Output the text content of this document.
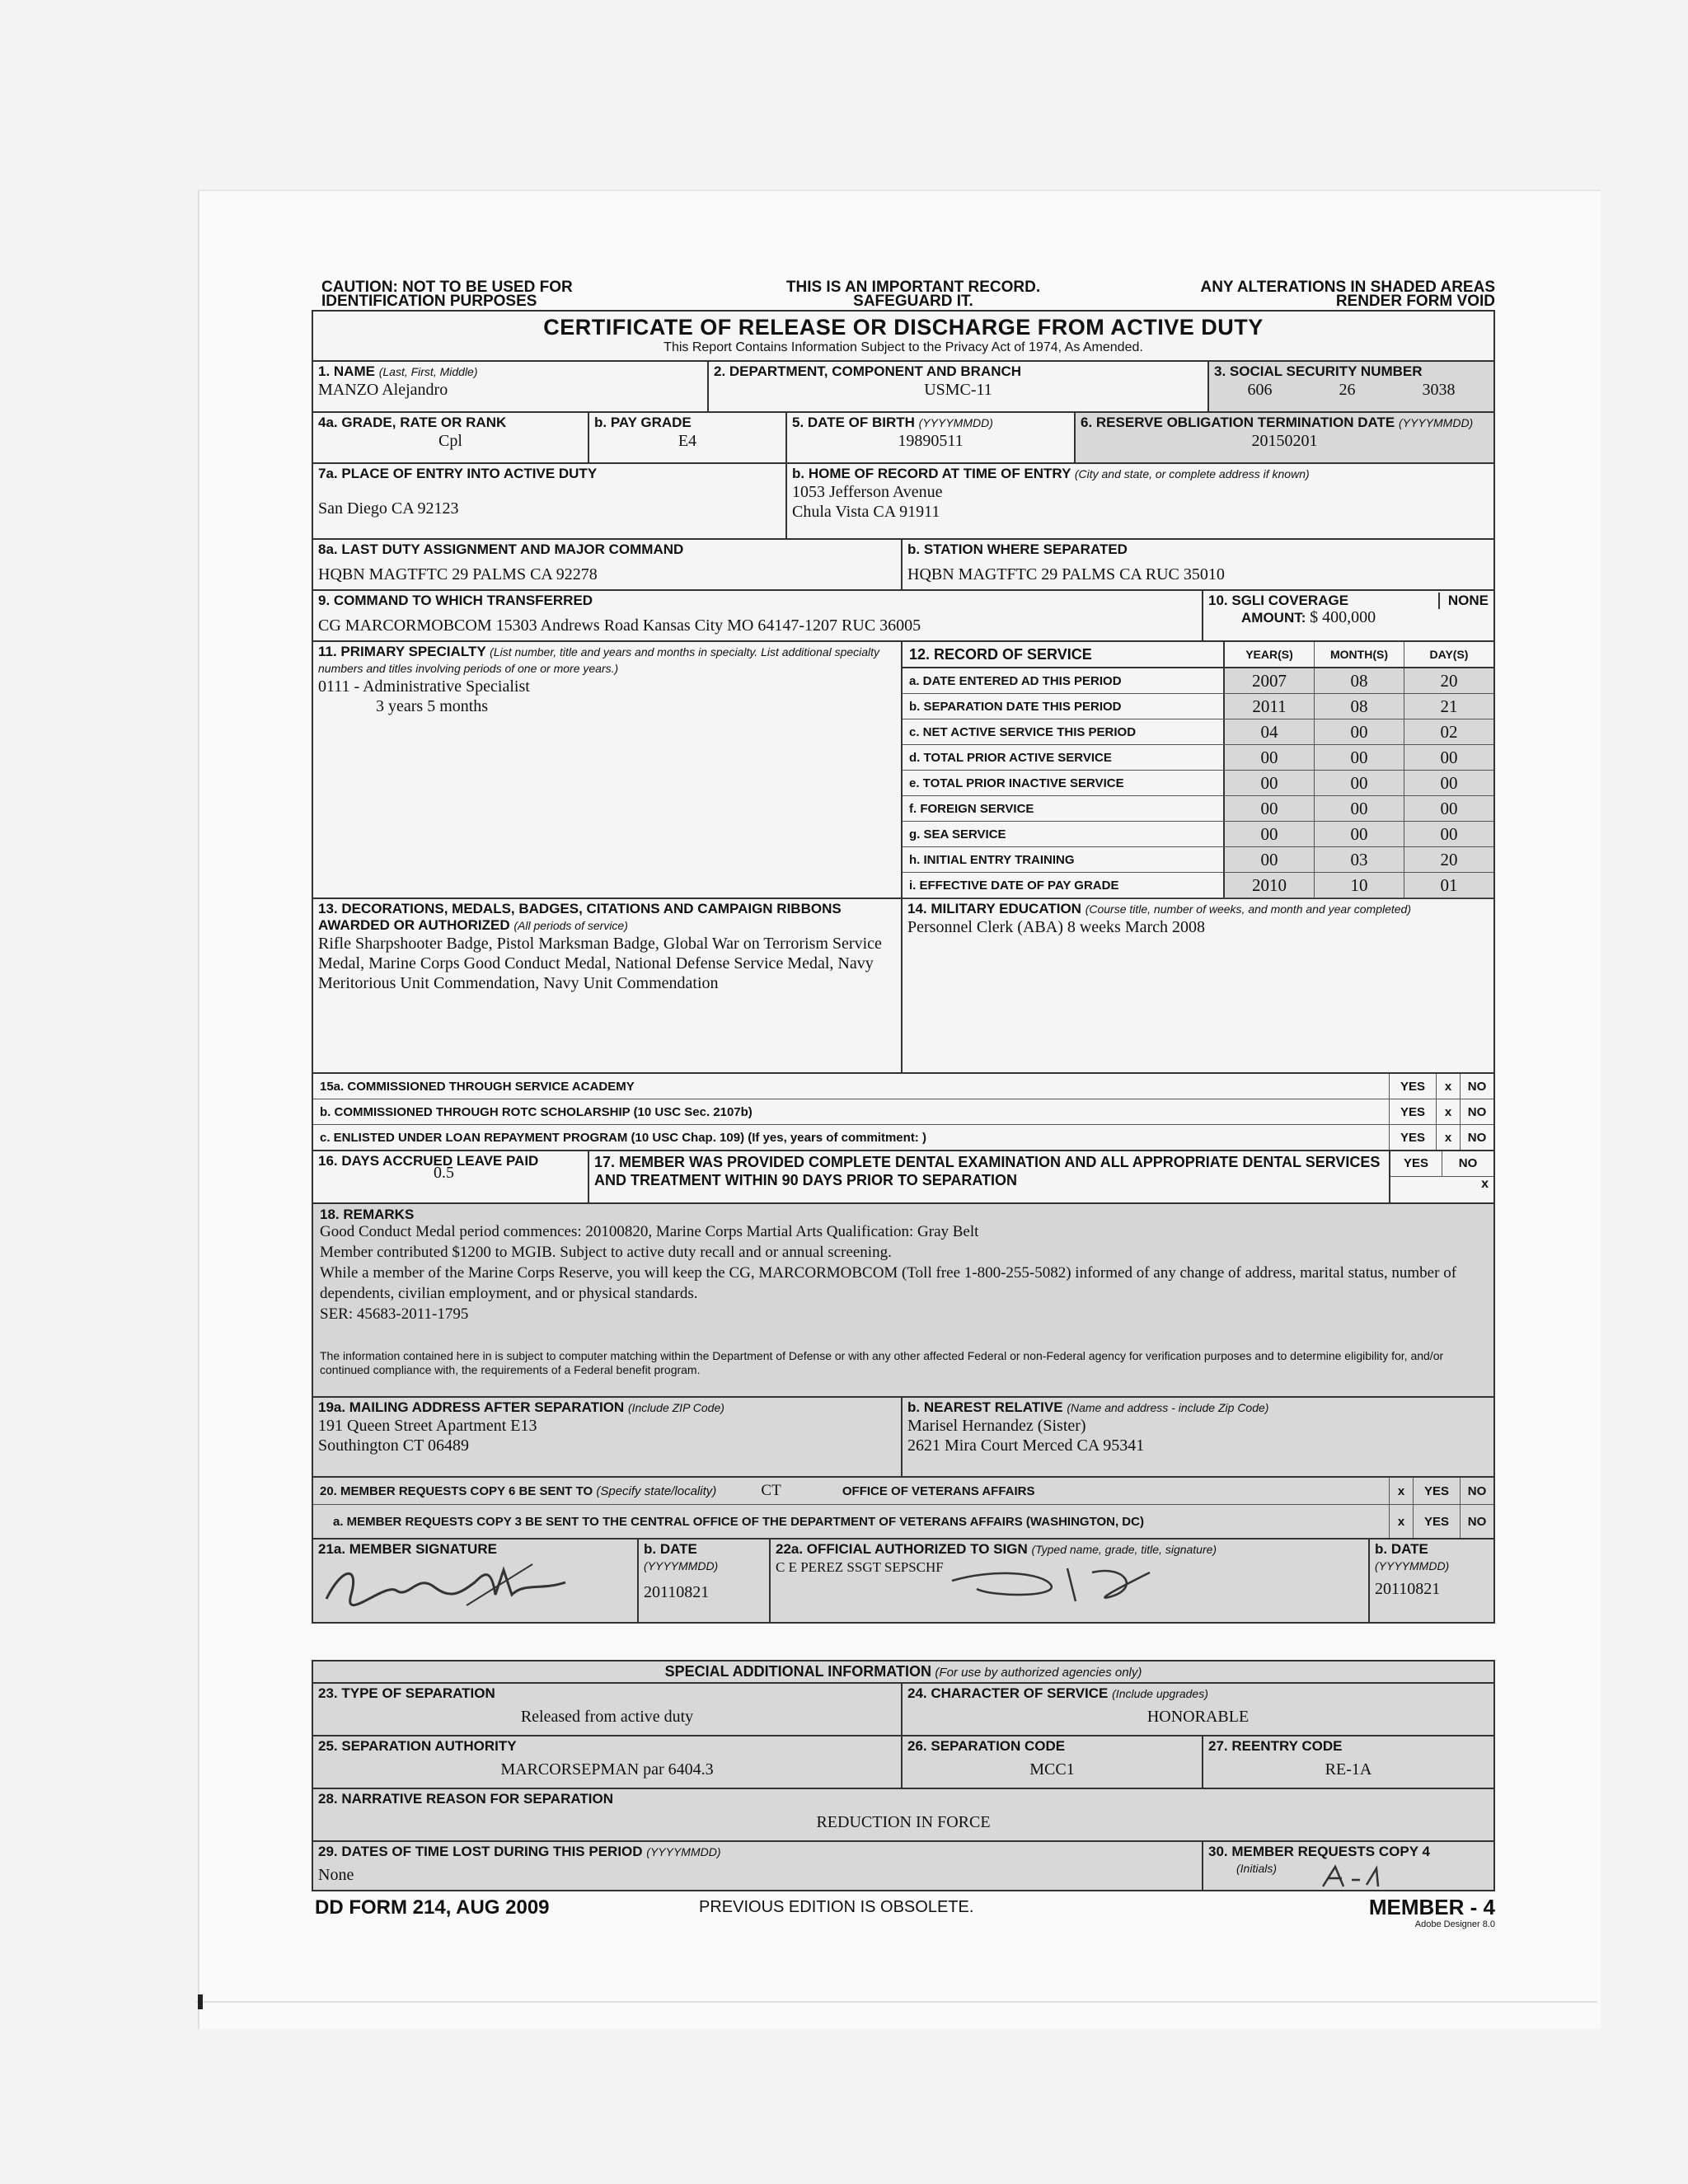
CAUTION: NOT TO BE USED FOR IDENTIFICATION PURPOSES
THIS IS AN IMPORTANT RECORD. SAFEGUARD IT.
ANY ALTERATIONS IN SHADED AREAS RENDER FORM VOID
CERTIFICATE OF RELEASE OR DISCHARGE FROM ACTIVE DUTY
This Report Contains Information Subject to the Privacy Act of 1974, As Amended.
1. NAME (Last, First, Middle)
MANZO Alejandro
2. DEPARTMENT, COMPONENT AND BRANCH
USMC-11
3. SOCIAL SECURITY NUMBER
606	26	3038
4a. GRADE, RATE OR RANK
Cpl
b. PAY GRADE
E4
5. DATE OF BIRTH (YYYYMMDD)
19890511
6. RESERVE OBLIGATION TERMINATION DATE (YYYYMMDD)
20150201
7a. PLACE OF ENTRY INTO ACTIVE DUTY
San Diego CA 92123
b. HOME OF RECORD AT TIME OF ENTRY (City and state, or complete address if known)
1053 Jefferson Avenue
Chula Vista CA 91911
8a. LAST DUTY ASSIGNMENT AND MAJOR COMMAND
HQBN MAGTFTC 29 PALMS CA 92278
b. STATION WHERE SEPARATED
HQBN MAGTFTC 29 PALMS CA RUC 35010
9. COMMAND TO WHICH TRANSFERRED
CG MARCORMOBCOM 15303 Andrews Road Kansas City MO 64147-1207 RUC 36005
10. SGLI COVERAGE	NONE
AMOUNT: $ 400,000
11. PRIMARY SPECIALTY (List number, title and years and months in specialty. List additional specialty numbers and titles involving periods of one or more years.)
0111 - Administrative Specialist
3 years 5 months
12. RECORD OF SERVICE	YEAR(S)	MONTH(S)	DAY(S)
a. DATE ENTERED AD THIS PERIOD	2007	08	20
b. SEPARATION DATE THIS PERIOD	2011	08	21
c. NET ACTIVE SERVICE THIS PERIOD	04	00	02
d. TOTAL PRIOR ACTIVE SERVICE	00	00	00
e. TOTAL PRIOR INACTIVE SERVICE	00	00	00
f. FOREIGN SERVICE	00	00	00
g. SEA SERVICE	00	00	00
h. INITIAL ENTRY TRAINING	00	03	20
i. EFFECTIVE DATE OF PAY GRADE	2010	10	01
13. DECORATIONS, MEDALS, BADGES, CITATIONS AND CAMPAIGN RIBBONS AWARDED OR AUTHORIZED (All periods of service)
Rifle Sharpshooter Badge, Pistol Marksman Badge, Global War on Terrorism Service Medal, Marine Corps Good Conduct Medal, National Defense Service Medal, Navy Meritorious Unit Commendation, Navy Unit Commendation
14. MILITARY EDUCATION (Course title, number of weeks, and month and year completed)
Personnel Clerk (ABA) 8 weeks March 2008
15a. COMMISSIONED THROUGH SERVICE ACADEMY	YES	x	NO
b. COMMISSIONED THROUGH ROTC SCHOLARSHIP (10 USC Sec. 2107b)	YES	x	NO
c. ENLISTED UNDER LOAN REPAYMENT PROGRAM (10 USC Chap. 109) (If yes, years of commitment: )	YES	x	NO
16. DAYS ACCRUED LEAVE PAID
0.5
17. MEMBER WAS PROVIDED COMPLETE DENTAL EXAMINATION AND ALL APPROPRIATE DENTAL SERVICES AND TREATMENT WITHIN 90 DAYS PRIOR TO SEPARATION
YES	NO
x
18. REMARKS
Good Conduct Medal period commences: 20100820, Marine Corps Martial Arts Qualification: Gray Belt
Member contributed $1200 to MGIB. Subject to active duty recall and or annual screening.
While a member of the Marine Corps Reserve, you will keep the CG, MARCORMOBCOM (Toll free 1-800-255-5082) informed of any change of address, marital status, number of dependents, civilian employment, and or physical standards.
SER: 45683-2011-1795
The information contained here in is subject to computer matching within the Department of Defense or with any other affected Federal or non-Federal agency for verification purposes and to determine eligibility for, and/or continued compliance with, the requirements of a Federal benefit program.
19a. MAILING ADDRESS AFTER SEPARATION (Include ZIP Code)
191 Queen Street Apartment E13
Southington CT 06489
b. NEAREST RELATIVE (Name and address - include Zip Code)
Marisel Hernandez (Sister)
2621 Mira Court Merced CA 95341
20. MEMBER REQUESTS COPY 6 BE SENT TO (Specify state/locality)	CT	OFFICE OF VETERANS AFFAIRS	x	YES	NO
a. MEMBER REQUESTS COPY 3 BE SENT TO THE CENTRAL OFFICE OF THE DEPARTMENT OF VETERANS AFFAIRS (WASHINGTON, DC)	x	YES	NO
21a. MEMBER SIGNATURE	b. DATE
(YYYYMMDD)
20110821
22a. OFFICIAL AUTHORIZED TO SIGN (Typed name, grade, title, signature)
C E PEREZ SSGT SEPSCHF
b. DATE
(YYYYMMDD)
20110821
SPECIAL ADDITIONAL INFORMATION (For use by authorized agencies only)
23. TYPE OF SEPARATION
Released from active duty
24. CHARACTER OF SERVICE (Include upgrades)
HONORABLE
25. SEPARATION AUTHORITY
MARCORSEPMAN par 6404.3
26. SEPARATION CODE
MCC1
27. REENTRY CODE
RE-1A
28. NARRATIVE REASON FOR SEPARATION
REDUCTION IN FORCE
29. DATES OF TIME LOST DURING THIS PERIOD (YYYYMMDD)
None
30. MEMBER REQUESTS COPY 4
(Initials)
DD FORM 214, AUG 2009	PREVIOUS EDITION IS OBSOLETE.	MEMBER - 4
Adobe Designer 8.0
